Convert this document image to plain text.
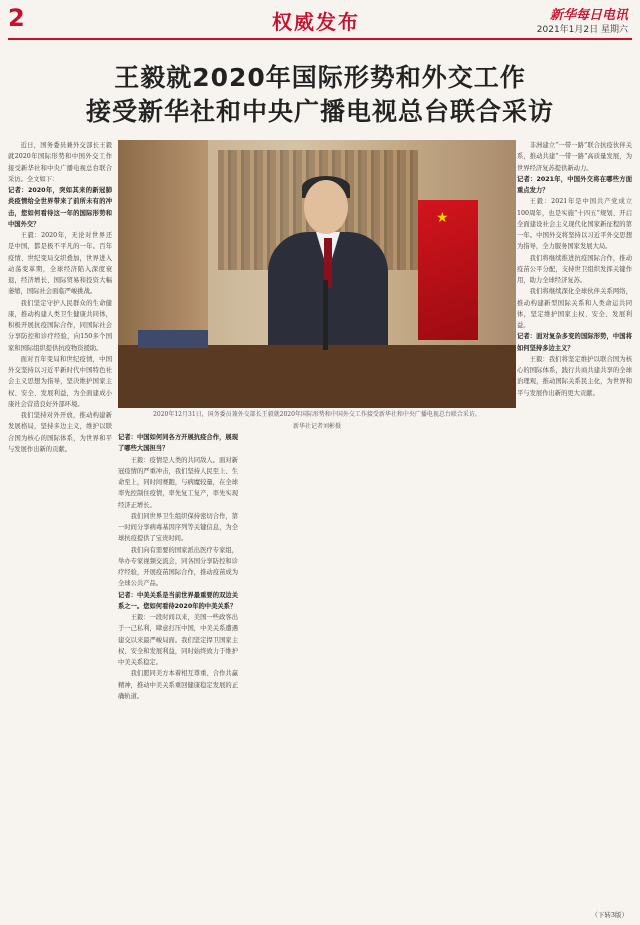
2	权威发布	新华每日电讯
2021年1月2日 星期六
王毅就2020年国际形势和外交工作
接受新华社和中央广播电视总台联合采访

近日，国务委员兼外交部长王毅就2020年国际形势和中国外交工作接受新华社和中央广播电视总台联合采访。全文如下：

记者：2020年，突如其来的新冠肺炎疫情给全世界带来了前所未有的冲击，您如何看待这一年的国际形势和中国外交？

王毅：2020年，无论对世界还是中国，都是极不平凡的一年。百年疫情、世纪变局交织叠加，世界进入动荡变革期，全球经济陷入深度衰退，经济增长、国际贸易和投资大幅萎缩，国际社会面临严峻挑战。

我们坚定守护人民群众的生命健康，推动构建人类卫生健康共同体，积极开展抗疫国际合作，同国际社会分享防控和诊疗经验，向150多个国家和国际组织提供抗疫物资援助。

面对百年变局和世纪疫情，中国外交坚持以习近平新时代中国特色社会主义思想为指导，坚决维护国家主权、安全、发展利益，为全面建成小康社会营造良好外部环境。

我们坚持对外开放，推动构建新发展格局，坚持多边主义，维护以联合国为核心的国际体系，为世界和平与发展作出新的贡献。

记者：中国如何同各方开展抗疫合作，展现了哪些大国担当？

王毅：疫情是人类的共同敌人。面对新冠疫情的严重冲击，我们坚持人民至上、生命至上，同时间赛跑，与病魔较量，在全球率先控制住疫情，率先复工复产，率先实现经济正增长。

我们同世界卫生组织保持密切合作，第一时间分享病毒基因序列等关键信息，为全球抗疫提供了宝贵时间。

我们向有需要的国家派出医疗专家组，举办专家视频交流会，同各国分享防控和诊疗经验，开展疫苗国际合作，推动疫苗成为全球公共产品。

记者：中美关系是当前世界最重要的双边关系之一。您如何看待2020年的中美关系？

王毅：一段时间以来，美国一些政客出于一己私利，肆意打压中国，中美关系遭遇建交以来最严峻局面。我们坚定捍卫国家主权、安全和发展利益，同时始终致力于维护中美关系稳定。

我们愿同美方本着相互尊重、合作共赢精神，推动中美关系重回健康稳定发展的正确轨道。

非洲建立“一带一路”联合抗疫伙伴关系，推动共建“一带一路”高质量发展，为世界经济复苏提供新动力。

记者：2021年，中国外交将在哪些方面重点发力？

王毅：2021年是中国共产党成立100周年，也是实施“十四五”规划、开启全面建设社会主义现代化国家新征程的第一年。中国外交将坚持以习近平外交思想为指导，全力服务国家发展大局。

我们将继续推进抗疫国际合作，推动疫苗公平分配，支持世卫组织发挥关键作用，助力全球经济复苏。

我们将继续深化全球伙伴关系网络，推动构建新型国际关系和人类命运共同体，坚定维护国家主权、安全、发展利益。

记者：面对复杂多变的国际形势，中国将如何坚持多边主义？

王毅：我们将坚定维护以联合国为核心的国际体系，践行共商共建共享的全球治理观，推动国际关系民主化，为世界和平与发展作出新的更大贡献。

★
2020年12月31日，国务委员兼外交部长王毅就2020年国际形势和中国外交工作接受新华社和中央广播电视总台联合采访。
新华社记者刘彬摄
（下转3版）
